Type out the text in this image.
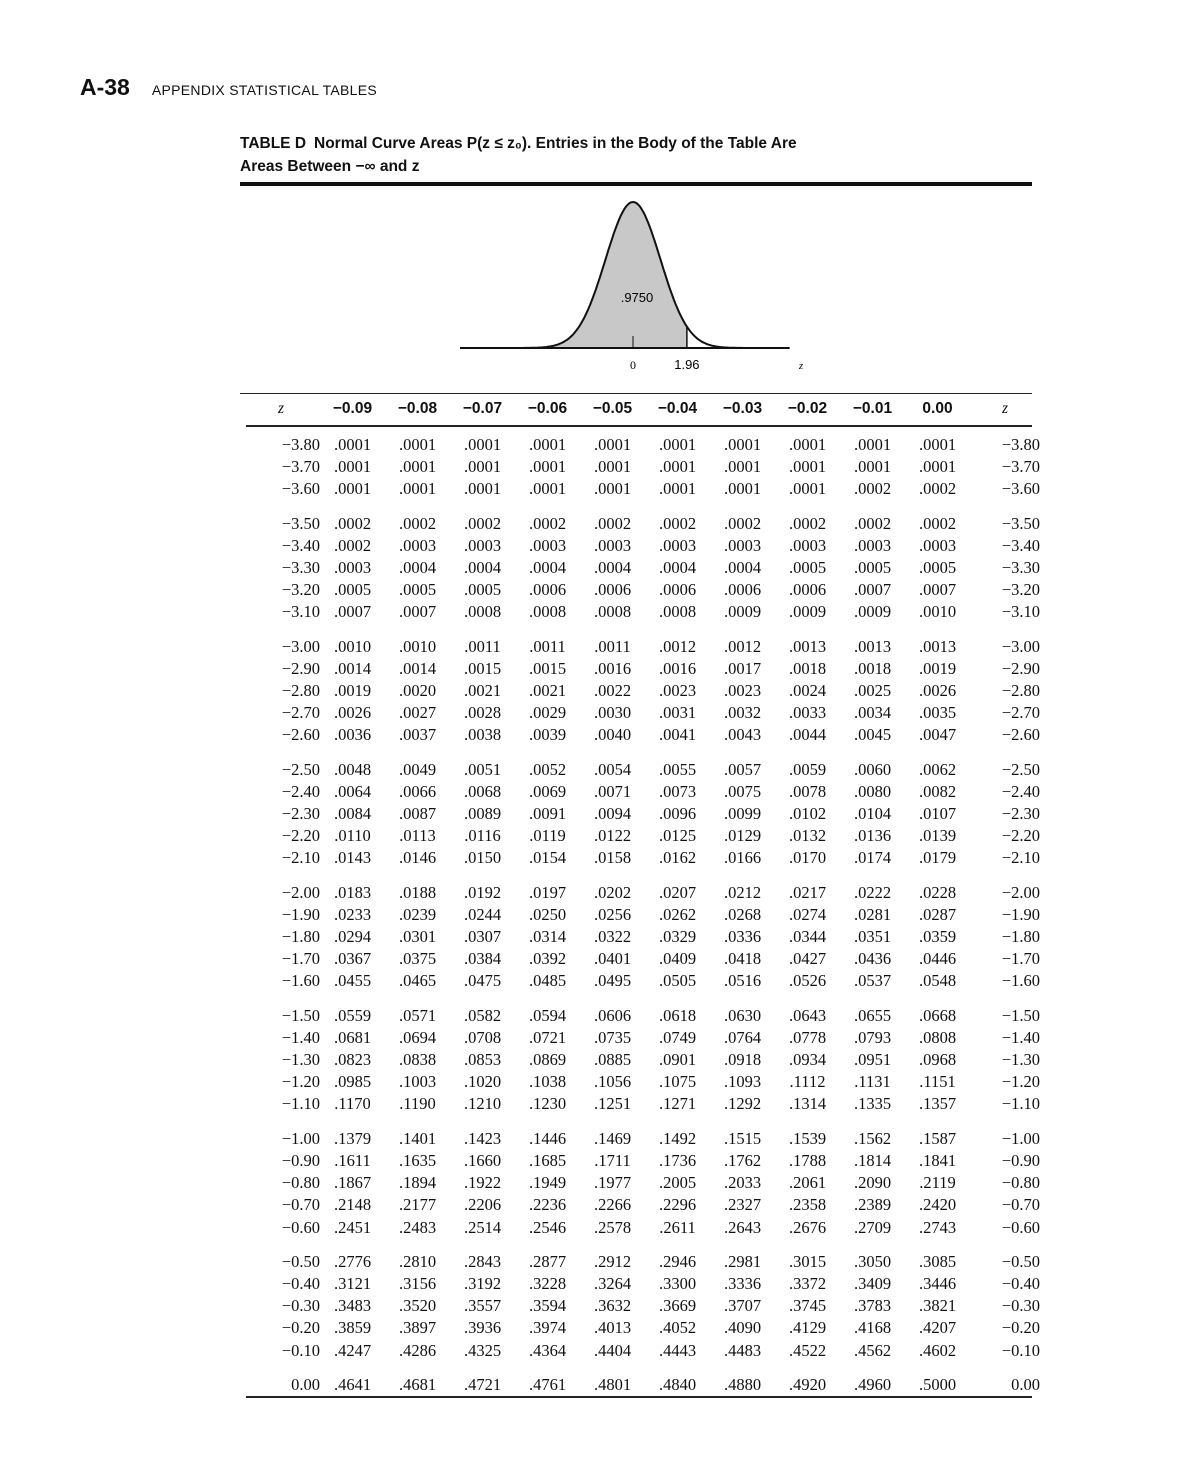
A-38 APPENDIX STATISTICAL TABLES
TABLE D Normal Curve Areas P(z ≤ z₀). Entries in the Body of the Table Are
Areas Between −∞ and z
.9750
0	1.96	z
z	−0.09	−0.08	−0.07	−0.06	−0.05	−0.04	−0.03	−0.02	−0.01	0.00	z

−3.80	.0001	.0001	.0001	.0001	.0001	.0001	.0001	.0001	.0001	.0001	−3.80
−3.70	.0001	.0001	.0001	.0001	.0001	.0001	.0001	.0001	.0001	.0001	−3.70
−3.60	.0001	.0001	.0001	.0001	.0001	.0001	.0001	.0001	.0002	.0002	−3.60

−3.50	.0002	.0002	.0002	.0002	.0002	.0002	.0002	.0002	.0002	.0002	−3.50
−3.40	.0002	.0003	.0003	.0003	.0003	.0003	.0003	.0003	.0003	.0003	−3.40
−3.30	.0003	.0004	.0004	.0004	.0004	.0004	.0004	.0005	.0005	.0005	−3.30
−3.20	.0005	.0005	.0005	.0006	.0006	.0006	.0006	.0006	.0007	.0007	−3.20
−3.10	.0007	.0007	.0008	.0008	.0008	.0008	.0009	.0009	.0009	.0010	−3.10

−3.00	.0010	.0010	.0011	.0011	.0011	.0012	.0012	.0013	.0013	.0013	−3.00
−2.90	.0014	.0014	.0015	.0015	.0016	.0016	.0017	.0018	.0018	.0019	−2.90
−2.80	.0019	.0020	.0021	.0021	.0022	.0023	.0023	.0024	.0025	.0026	−2.80
−2.70	.0026	.0027	.0028	.0029	.0030	.0031	.0032	.0033	.0034	.0035	−2.70
−2.60	.0036	.0037	.0038	.0039	.0040	.0041	.0043	.0044	.0045	.0047	−2.60

−2.50	.0048	.0049	.0051	.0052	.0054	.0055	.0057	.0059	.0060	.0062	−2.50
−2.40	.0064	.0066	.0068	.0069	.0071	.0073	.0075	.0078	.0080	.0082	−2.40
−2.30	.0084	.0087	.0089	.0091	.0094	.0096	.0099	.0102	.0104	.0107	−2.30
−2.20	.0110	.0113	.0116	.0119	.0122	.0125	.0129	.0132	.0136	.0139	−2.20
−2.10	.0143	.0146	.0150	.0154	.0158	.0162	.0166	.0170	.0174	.0179	−2.10

−2.00	.0183	.0188	.0192	.0197	.0202	.0207	.0212	.0217	.0222	.0228	−2.00
−1.90	.0233	.0239	.0244	.0250	.0256	.0262	.0268	.0274	.0281	.0287	−1.90
−1.80	.0294	.0301	.0307	.0314	.0322	.0329	.0336	.0344	.0351	.0359	−1.80
−1.70	.0367	.0375	.0384	.0392	.0401	.0409	.0418	.0427	.0436	.0446	−1.70
−1.60	.0455	.0465	.0475	.0485	.0495	.0505	.0516	.0526	.0537	.0548	−1.60

−1.50	.0559	.0571	.0582	.0594	.0606	.0618	.0630	.0643	.0655	.0668	−1.50
−1.40	.0681	.0694	.0708	.0721	.0735	.0749	.0764	.0778	.0793	.0808	−1.40
−1.30	.0823	.0838	.0853	.0869	.0885	.0901	.0918	.0934	.0951	.0968	−1.30
−1.20	.0985	.1003	.1020	.1038	.1056	.1075	.1093	.1112	.1131	.1151	−1.20
−1.10	.1170	.1190	.1210	.1230	.1251	.1271	.1292	.1314	.1335	.1357	−1.10

−1.00	.1379	.1401	.1423	.1446	.1469	.1492	.1515	.1539	.1562	.1587	−1.00
−0.90	.1611	.1635	.1660	.1685	.1711	.1736	.1762	.1788	.1814	.1841	−0.90
−0.80	.1867	.1894	.1922	.1949	.1977	.2005	.2033	.2061	.2090	.2119	−0.80
−0.70	.2148	.2177	.2206	.2236	.2266	.2296	.2327	.2358	.2389	.2420	−0.70
−0.60	.2451	.2483	.2514	.2546	.2578	.2611	.2643	.2676	.2709	.2743	−0.60

−0.50	.2776	.2810	.2843	.2877	.2912	.2946	.2981	.3015	.3050	.3085	−0.50
−0.40	.3121	.3156	.3192	.3228	.3264	.3300	.3336	.3372	.3409	.3446	−0.40
−0.30	.3483	.3520	.3557	.3594	.3632	.3669	.3707	.3745	.3783	.3821	−0.30
−0.20	.3859	.3897	.3936	.3974	.4013	.4052	.4090	.4129	.4168	.4207	−0.20
−0.10	.4247	.4286	.4325	.4364	.4404	.4443	.4483	.4522	.4562	.4602	−0.10

0.00	.4641	.4681	.4721	.4761	.4801	.4840	.4880	.4920	.4960	.5000	0.00
